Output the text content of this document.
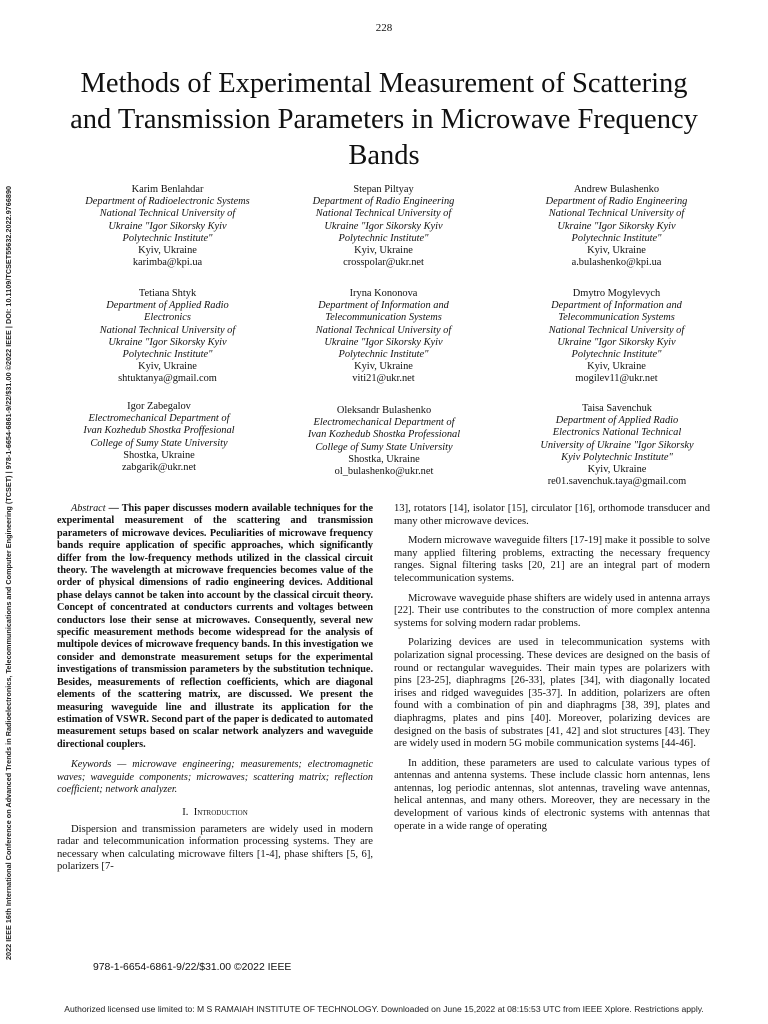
228
2022 IEEE 16th International Conference on Advanced Trends in Radioelectronics, Telecommunications and Computer Engineering (TCSET) | 978-1-6654-6861-9/22/$31.00 ©2022 IEEE | DOI: 10.1109/TCSET55632.2022.9766890
Methods of Experimental Measurement of Scattering and Transmission Parameters in Microwave Frequency Bands
Karim Benlahdar
Department of Radioelectronic Systems
National Technical University of
Ukraine "Igor Sikorsky Kyiv
Polytechnic Institute"
Kyiv, Ukraine
karimba@kpi.ua
Stepan Piltyay
Department of Radio Engineering
National Technical University of
Ukraine "Igor Sikorsky Kyiv
Polytechnic Institute"
Kyiv, Ukraine
crosspolar@ukr.net
Andrew Bulashenko
Department of Radio Engineering
National Technical University of
Ukraine "Igor Sikorsky Kyiv
Polytechnic Institute"
Kyiv, Ukraine
a.bulashenko@kpi.ua
Tetiana Shtyk
Department of Applied Radio
Electronics
National Technical University of
Ukraine "Igor Sikorsky Kyiv
Polytechnic Institute"
Kyiv, Ukraine
shtuktanya@gmail.com
Iryna Kononova
Department of Information and
Telecommunication Systems
National Technical University of
Ukraine "Igor Sikorsky Kyiv
Polytechnic Institute"
Kyiv, Ukraine
viti21@ukr.net
Dmytro Mogylevych
Department of Information and
Telecommunication Systems
National Technical University of
Ukraine "Igor Sikorsky Kyiv
Polytechnic Institute"
Kyiv, Ukraine
mogilev11@ukr.net
Igor Zabegalov
Electromechanical Department of
Ivan Kozhedub Shostka Proffesional
College of Sumy State University
Shostka, Ukraine
zabgarik@ukr.net
Oleksandr Bulashenko
Electromechanical Department of
Ivan Kozhedub Shostka Professional
College of Sumy State University
Shostka, Ukraine
ol_bulashenko@ukr.net
Taisa Savenchuk
Department of Applied Radio
Electronics National Technical
University of Ukraine "Igor Sikorsky
Kyiv Polytechnic Institute"
Kyiv, Ukraine
re01.savenchuk.taya@gmail.com

Abstract — This paper discusses modern available techniques for the experimental measurement of the scattering and transmission parameters of microwave devices. Peculiarities of microwave frequency bands require application of specific approaches, which significantly differ from the low-frequency methods utilized in the classical circuit theory. The wavelength at microwave frequencies becomes value of the order of physical dimensions of radio engineering devices. Additional phase delays cannot be taken into account by the classical circuit theory. Concept of concentrated at conductors currents and voltages between conductors lose their sense at microwaves. Consequently, several new specific measurement methods become widespread for the analysis of multipole devices of microwave frequency bands. In this investigation we consider and demonstrate measurement setups for the experimental investigations of transmission parameters by the substitution technique. Besides, measurements of reflection coefficients, which are diagonal elements of the scattering matrix, are discussed. We present the measuring waveguide line and illustrate its application for the estimation of VSWR. Second part of the paper is dedicated to automated measurement setups based on scalar network analyzers and waveguide directional couplers.

Keywords — microwave engineering; measurements; electromagnetic waves; waveguide components; microwaves; scattering matrix; reflection coefficient; network analyzer.

I. Introduction

Dispersion and transmission parameters are widely used in modern radar and telecommunication information processing systems. They are necessary when calculating microwave filters [1-4], phase shifters [5, 6], polarizers [7-

13], rotators [14], isolator [15], circulator [16], orthomode transducer and many other microwave devices.

Modern microwave waveguide filters [17-19] make it possible to solve many applied filtering problems, extracting the necessary frequency ranges. Signal filtering tasks [20, 21] are an integral part of modern telecommunication systems.

Microwave waveguide phase shifters are widely used in antenna arrays [22]. Their use contributes to the construction of more complex antenna systems for solving modern radar problems.

Polarizing devices are used in telecommunication systems with polarization signal processing. These devices are designed on the basis of round or rectangular waveguides. Their main types are polarizers with pins [23-25], diaphragms [26-33], plates [34], with diagonally located irises and ridged waveguides [35-37]. In addition, polarizers are often found with a combination of pin and diaphragms [38, 39], plates and diaphragms, plates and pins [40]. Moreover, polarizing devices are designed on the basis of substrates [41, 42] and slot structures [43]. They are widely used in modern 5G mobile communication systems [44-46].

In addition, these parameters are used to calculate various types of antennas and antenna systems. These include classic horn antennas, lens antennas, log periodic antennas, slot antennas, traveling wave antennas, helical antennas, and many others. Moreover, they are necessary in the development of various kinds of electronic systems with antennas that operate in a wide range of operating

978-1-6654-6861-9/22/$31.00 ©2022 IEEE
Authorized licensed use limited to: M S RAMAIAH INSTITUTE OF TECHNOLOGY. Downloaded on June 15,2022 at 08:15:53 UTC from IEEE Xplore. Restrictions apply.
